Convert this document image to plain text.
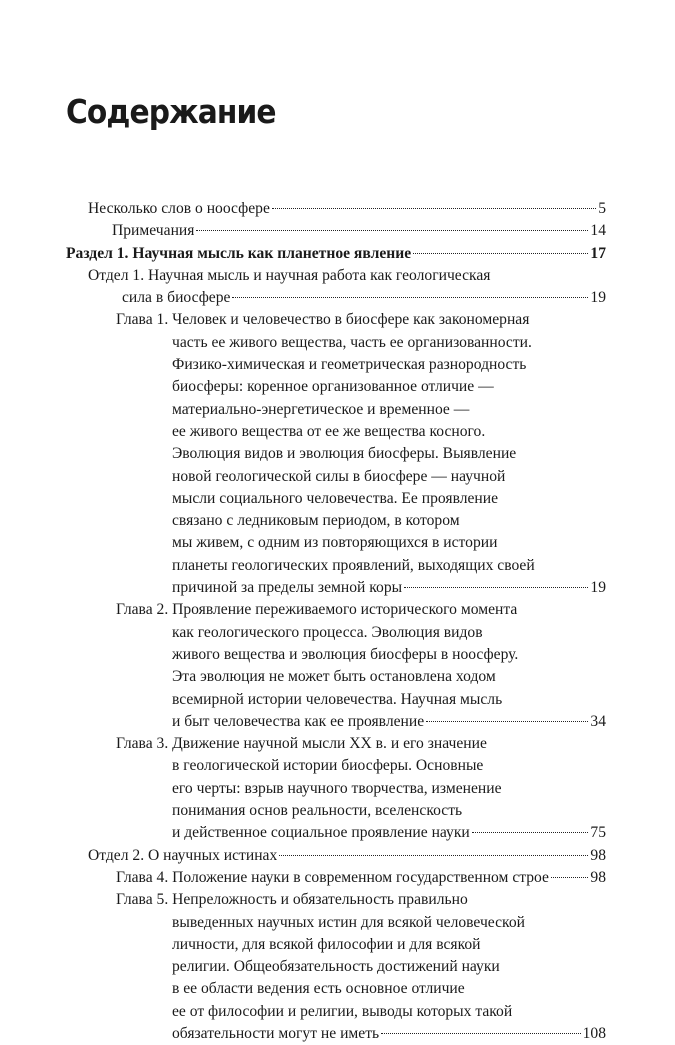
Содержание
Несколько слов о ноосфере	5
Примечания	14
Раздел 1. Научная мысль как планетное явление	17
Отдел 1. Научная мысль и научная работа как геологическая
сила в биосфере	19
Глава 1. Человек и человечество в биосфере как закономерная
часть ее живого вещества, часть ее организованности.
Физико-химическая и геометрическая разнородность
биосферы: коренное организованное отличие —
материально-энергетическое и временное —
ее живого вещества от ее же вещества косного.
Эволюция видов и эволюция биосферы. Выявление
новой геологической силы в биосфере — научной
мысли социального человечества. Ее проявление
связано с ледниковым периодом, в котором
мы живем, с одним из повторяющихся в истории
планеты геологических проявлений, выходящих своей
причиной за пределы земной коры	19
Глава 2. Проявление переживаемого исторического момента
как геологического процесса. Эволюция видов
живого вещества и эволюция биосферы в ноосферу.
Эта эволюция не может быть остановлена ходом
всемирной истории человечества. Научная мысль
и быт человечества как ее проявление	34
Глава 3. Движение научной мысли XX в. и его значение
в геологической истории биосферы. Основные
его черты: взрыв научного творчества, изменение
понимания основ реальности, вселенскость
и действенное социальное проявление науки	75
Отдел 2. О научных истинах	98
Глава 4. Положение науки в современном государственном строе	98
Глава 5. Непреложность и обязательность правильно
выведенных научных истин для всякой человеческой
личности, для всякой философии и для всякой
религии. Общеобязательность достижений науки
в ее области ведения есть основное отличие
ее от философии и религии, выводы которых такой
обязательности могут не иметь	108
